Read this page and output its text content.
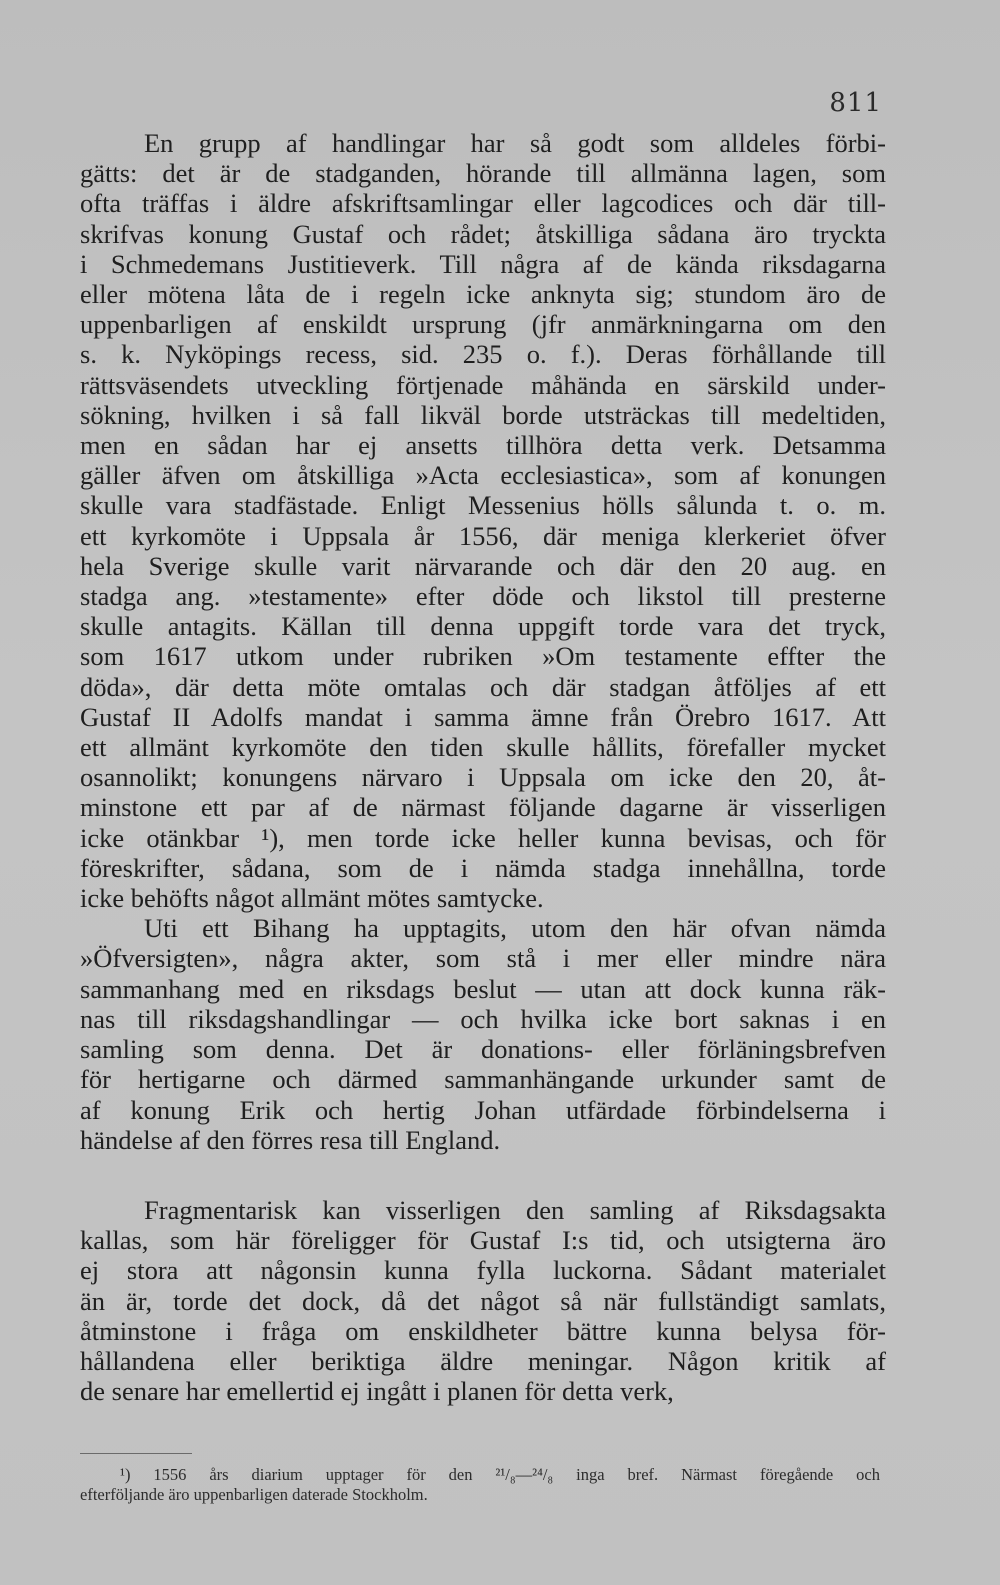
811
En grupp af handlingar har så godt som alldeles förbi-
gätts: det är de stadganden, hörande till allmänna lagen, som
ofta träffas i äldre afskriftsamlingar eller lagcodices och där till-
skrifvas konung Gustaf och rådet; åtskilliga sådana äro tryckta
i Schmedemans Justitieverk. Till några af de kända riksdagarna
eller mötena låta de i regeln icke anknyta sig; stundom äro de
uppenbarligen af enskildt ursprung (jfr anmärkningarna om den
s. k. Nyköpings recess, sid. 235 o. f.). Deras förhållande till
rättsväsendets utveckling förtjenade måhända en särskild under-
sökning, hvilken i så fall likväl borde utsträckas till medeltiden,
men en sådan har ej ansetts tillhöra detta verk. Detsamma
gäller äfven om åtskilliga »Acta ecclesiastica», som af konungen
skulle vara stadfästade. Enligt Messenius hölls sålunda t. o. m.
ett kyrkomöte i Uppsala år 1556, där meniga klerkeriet öfver
hela Sverige skulle varit närvarande och där den 20 aug. en
stadga ang. »testamente» efter döde och likstol till presterne
skulle antagits. Källan till denna uppgift torde vara det tryck,
som 1617 utkom under rubriken »Om testamente effter the
döda», där detta möte omtalas och där stadgan åtföljes af ett
Gustaf II Adolfs mandat i samma ämne från Örebro 1617. Att
ett allmänt kyrkomöte den tiden skulle hållits, förefaller mycket
osannolikt; konungens närvaro i Uppsala om icke den 20, åt-
minstone ett par af de närmast följande dagarne är visserligen
icke otänkbar ¹), men torde icke heller kunna bevisas, och för
föreskrifter, sådana, som de i nämda stadga innehållna, torde
icke behöfts något allmänt mötes samtycke.
Uti ett Bihang ha upptagits, utom den här ofvan nämda
»Öfversigten», några akter, som stå i mer eller mindre nära
sammanhang med en riksdags beslut — utan att dock kunna räk-
nas till riksdagshandlingar — och hvilka icke bort saknas i en
samling som denna. Det är donations- eller förläningsbrefven
för hertigarne och därmed sammanhängande urkunder samt de
af konung Erik och hertig Johan utfärdade förbindelserna i
händelse af den förres resa till England.
Fragmentarisk kan visserligen den samling af Riksdagsakta
kallas, som här föreligger för Gustaf I:s tid, och utsigterna äro
ej stora att någonsin kunna fylla luckorna. Sådant materialet
än är, torde det dock, då det något så när fullständigt samlats,
åtminstone i fråga om enskildheter bättre kunna belysa för-
hållandena eller beriktiga äldre meningar. Någon kritik af
de senare har emellertid ej ingått i planen för detta verk,
¹) 1556 års diarium upptager för den ²¹/₈—²⁴/₈ inga bref. Närmast föregående och
efterföljande äro uppenbarligen daterade Stockholm.
